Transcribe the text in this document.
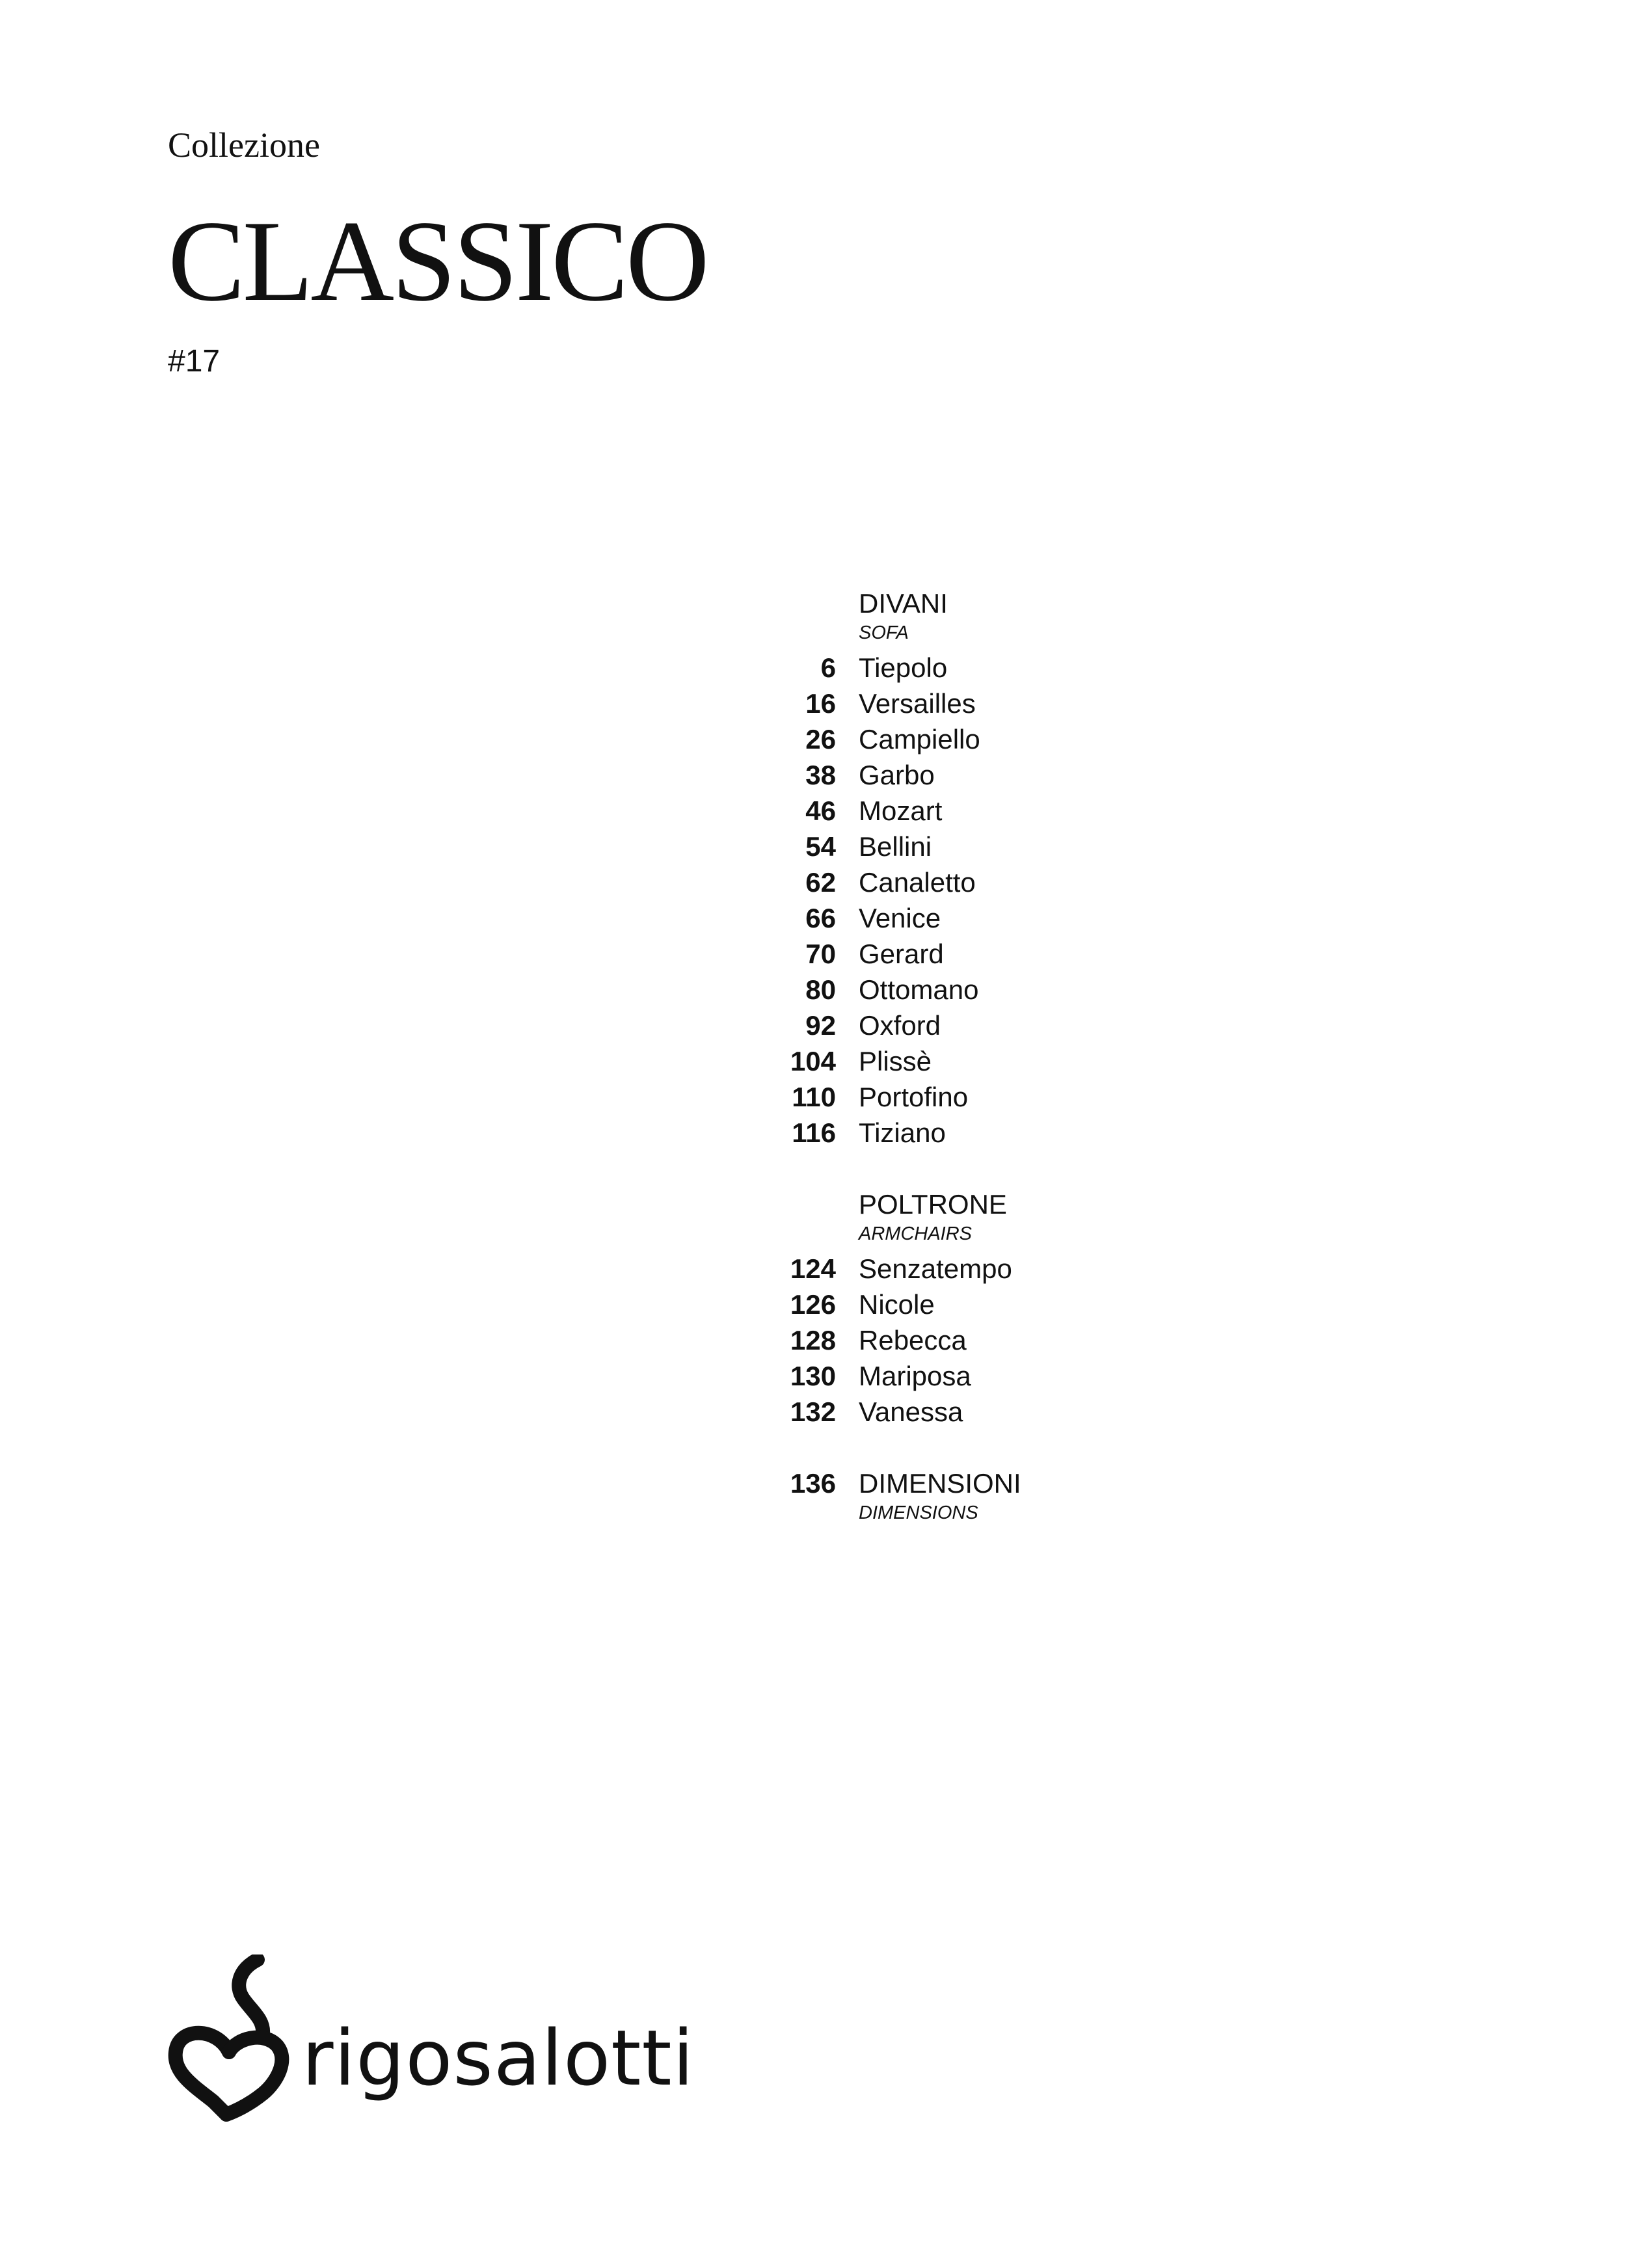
Collezione
CLASSICO
#17
DIVANI
SOFA
6 Tiepolo
16 Versailles
26 Campiello
38 Garbo
46 Mozart
54 Bellini
62 Canaletto
66 Venice
70 Gerard
80 Ottomano
92 Oxford
104 Plissè
110 Portofino
116 Tiziano
POLTRONE
ARMCHAIRS
124 Senzatempo
126 Nicole
128 Rebecca
130 Mariposa
132 Vanessa
136 DIMENSIONI
DIMENSIONS
rigosalotti
